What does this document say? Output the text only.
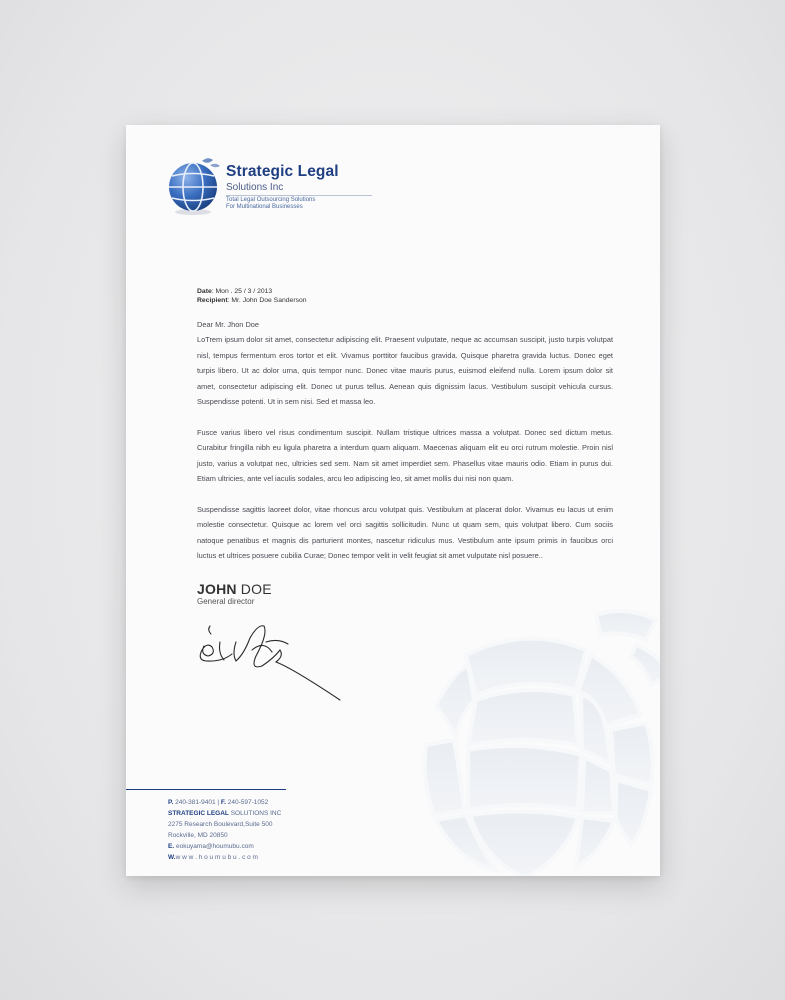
Strategic Legal
Solutions Inc
Total Legal Outsourcing Solutions
For Multinational Businesses
Date: Mon . 25 / 3 / 2013
Recipient: Mr. John Doe Sanderson
Dear Mr. Jhon Doe

LoTrem ipsum dolor sit amet, consectetur adipiscing elit. Praesent vulputate, neque ac accumsan suscipit, justo turpis volutpat nisl, tempus fermentum eros tortor et elit. Vivamus porttitor faucibus gravida. Quisque pharetra gravida luctus. Donec eget turpis libero. Ut ac dolor urna, quis tempor nunc. Donec vitae mauris purus, euismod eleifend nulla. Lorem ipsum dolor sit amet, consectetur adipiscing elit. Donec ut purus tellus. Aenean quis dignissim lacus. Vestibulum suscipit vehicula cursus. Suspendisse potenti. Ut in sem nisi. Sed et massa leo.

Fusce varius libero vel risus condimentum suscipit. Nullam tristique ultrices massa a volutpat. Donec sed dictum metus. Curabitur fringilla nibh eu ligula pharetra a interdum quam aliquam. Maecenas aliquam elit eu orci rutrum molestie. Proin nisl justo, varius a volutpat nec, ultricies sed sem. Nam sit amet imperdiet sem. Phasellus vitae mauris odio. Etiam in purus dui. Etiam ultricies, ante vel iaculis sodales, arcu leo adipiscing leo, sit amet mollis dui nisi non quam.

Suspendisse sagittis laoreet dolor, vitae rhoncus arcu volutpat quis. Vestibulum at placerat dolor. Vivamus eu lacus ut enim molestie consectetur. Quisque ac lorem vel orci sagittis sollicitudin. Nunc ut quam sem, quis volutpat libero. Cum sociis natoque penatibus et magnis dis parturient montes, nascetur ridiculus mus. Vestibulum ante ipsum primis in faucibus orci luctus et ultrices posuere cubilia Curae; Donec tempor velit in velit feugiat sit amet vulputate nisl posuere..

JOHN DOE
General director
P. 240-381-9401 | F. 240-597-1052
STRATEGIC LEGAL SOLUTIONS INC
2275 Research Boulevard,Suite 500
Rockville, MD 20850
E. eokuyama@houmubu.com
W.w w w . h o u m u b u . c o m
